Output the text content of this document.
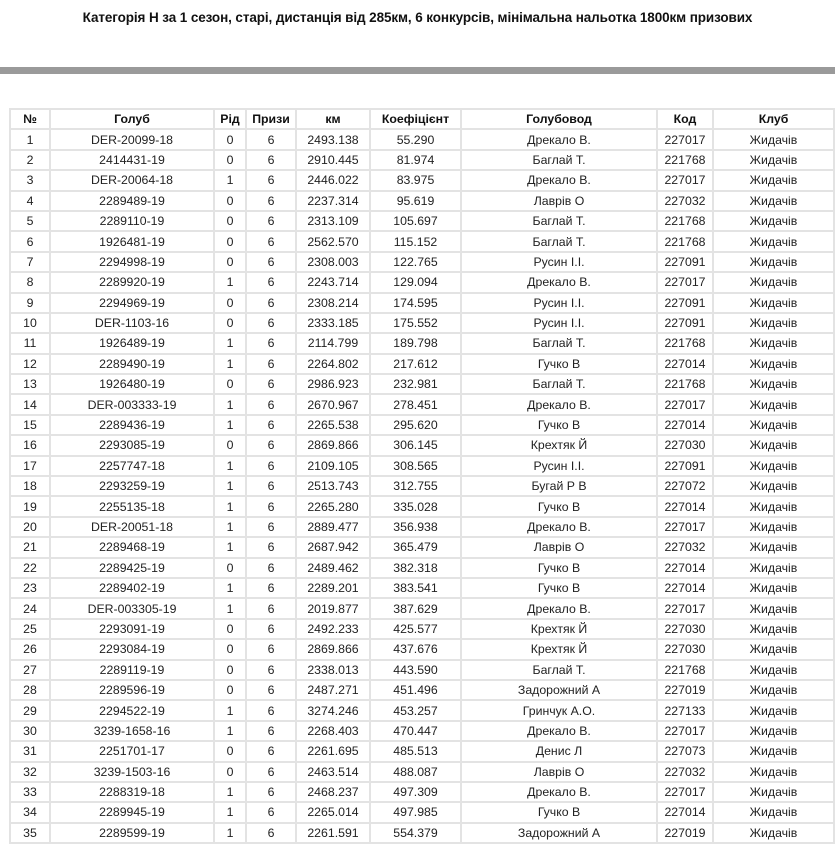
Категорія Н за 1 сезон, старі, дистанція від 285км, 6 конкурсів, мінімальна нальотка 1800км призових
№	Голуб	Рід	Призи	км	Коефіцієнт	Голубовод	Код	Клуб
1	DER-20099-18	0	6	2493.138	55.290	Дрекало В.	227017	Жидачів
2	2414431-19	0	6	2910.445	81.974	Баглай Т.	221768	Жидачів
3	DER-20064-18	1	6	2446.022	83.975	Дрекало В.	227017	Жидачів
4	2289489-19	0	6	2237.314	95.619	Лаврів О	227032	Жидачів
5	2289110-19	0	6	2313.109	105.697	Баглай Т.	221768	Жидачів
6	1926481-19	0	6	2562.570	115.152	Баглай Т.	221768	Жидачів
7	2294998-19	0	6	2308.003	122.765	Русин І.І.	227091	Жидачів
8	2289920-19	1	6	2243.714	129.094	Дрекало В.	227017	Жидачів
9	2294969-19	0	6	2308.214	174.595	Русин І.І.	227091	Жидачів
10	DER-1103-16	0	6	2333.185	175.552	Русин І.І.	227091	Жидачів
11	1926489-19	1	6	2114.799	189.798	Баглай Т.	221768	Жидачів
12	2289490-19	1	6	2264.802	217.612	Гучко В	227014	Жидачів
13	1926480-19	0	6	2986.923	232.981	Баглай Т.	221768	Жидачів
14	DER-003333-19	1	6	2670.967	278.451	Дрекало В.	227017	Жидачів
15	2289436-19	1	6	2265.538	295.620	Гучко В	227014	Жидачів
16	2293085-19	0	6	2869.866	306.145	Крехтяк Й	227030	Жидачів
17	2257747-18	1	6	2109.105	308.565	Русин І.І.	227091	Жидачів
18	2293259-19	1	6	2513.743	312.755	Бугай Р В	227072	Жидачів
19	2255135-18	1	6	2265.280	335.028	Гучко В	227014	Жидачів
20	DER-20051-18	1	6	2889.477	356.938	Дрекало В.	227017	Жидачів
21	2289468-19	1	6	2687.942	365.479	Лаврів О	227032	Жидачів
22	2289425-19	0	6	2489.462	382.318	Гучко В	227014	Жидачів
23	2289402-19	1	6	2289.201	383.541	Гучко В	227014	Жидачів
24	DER-003305-19	1	6	2019.877	387.629	Дрекало В.	227017	Жидачів
25	2293091-19	0	6	2492.233	425.577	Крехтяк Й	227030	Жидачів
26	2293084-19	0	6	2869.866	437.676	Крехтяк Й	227030	Жидачів
27	2289119-19	0	6	2338.013	443.590	Баглай Т.	221768	Жидачів
28	2289596-19	0	6	2487.271	451.496	Задорожний А	227019	Жидачів
29	2294522-19	1	6	3274.246	453.257	Гринчук А.О.	227133	Жидачів
30	3239-1658-16	1	6	2268.403	470.447	Дрекало В.	227017	Жидачів
31	2251701-17	0	6	2261.695	485.513	Денис Л	227073	Жидачів
32	3239-1503-16	0	6	2463.514	488.087	Лаврів О	227032	Жидачів
33	2288319-18	1	6	2468.237	497.309	Дрекало В.	227017	Жидачів
34	2289945-19	1	6	2265.014	497.985	Гучко В	227014	Жидачів
35	2289599-19	1	6	2261.591	554.379	Задорожний А	227019	Жидачів
